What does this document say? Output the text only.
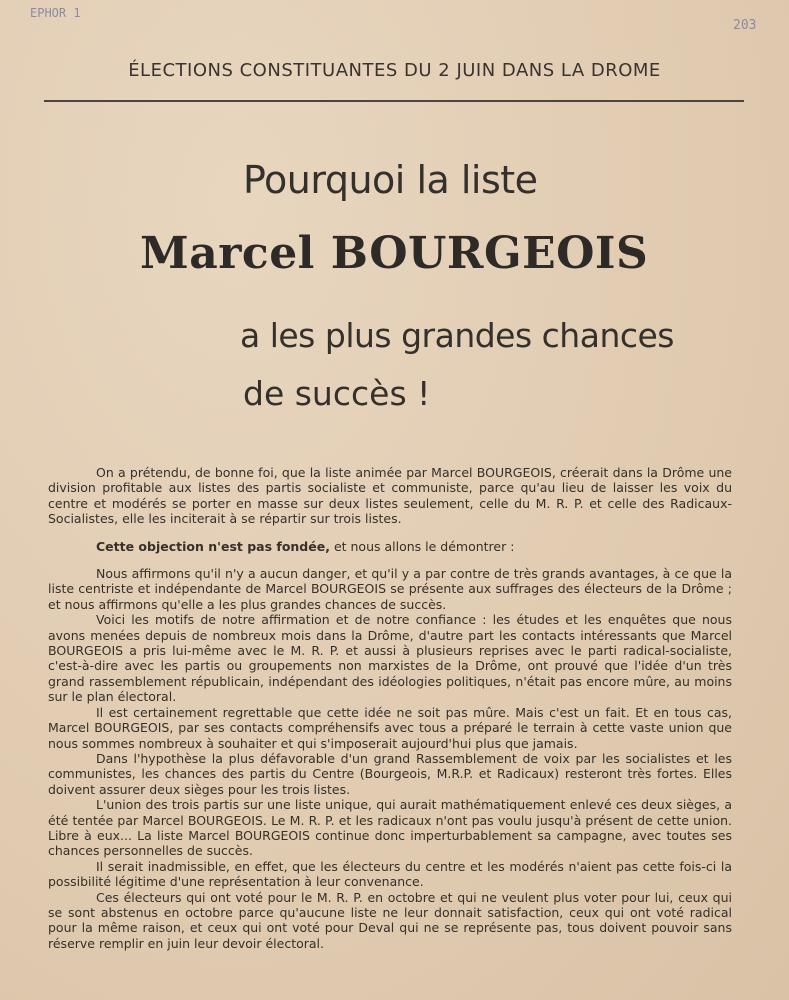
EPHOR 1
203
ÉLECTIONS CONSTITUANTES DU 2 JUIN DANS LA DROME
Pourquoi la liste
Marcel BOURGEOIS
a les plus grandes chances
de succès !

On a prétendu, de bonne foi, que la liste animée par Marcel BOURGEOIS, créerait dans la Drôme une division profitable aux listes des partis socialiste et communiste, parce qu'au lieu de laisser les voix du centre et modérés se porter en masse sur deux listes seulement, celle du M. R. P. et celle des Radicaux-Socialistes, elle les inciterait à se répartir sur trois listes.

Cette objection n'est pas fondée, et nous allons le démontrer :

Nous affirmons qu'il n'y a aucun danger, et qu'il y a par contre de très grands avantages, à ce que la liste centriste et indépendante de Marcel BOURGEOIS se présente aux suffrages des électeurs de la Drôme ; et nous affirmons qu'elle a les plus grandes chances de succès.

Voici les motifs de notre affirmation et de notre confiance : les études et les enquêtes que nous avons menées depuis de nombreux mois dans la Drôme, d'autre part les contacts intéressants que Marcel BOURGEOIS a pris lui-même avec le M. R. P. et aussi à plusieurs reprises avec le parti radical-socialiste, c'est-à-dire avec les partis ou groupements non marxistes de la Drôme, ont prouvé que l'idée d'un très grand rassemblement républicain, indépendant des idéologies politiques, n'était pas encore mûre, au moins sur le plan électoral.

Il est certainement regrettable que cette idée ne soit pas mûre. Mais c'est un fait. Et en tous cas, Marcel BOURGEOIS, par ses contacts compréhensifs avec tous a préparé le terrain à cette vaste union que nous sommes nombreux à souhaiter et qui s'imposerait aujourd'hui plus que jamais.

Dans l'hypothèse la plus défavorable d'un grand Rassemblement de voix par les socialistes et les communistes, les chances des partis du Centre (Bourgeois, M.R.P. et Radicaux) resteront très fortes. Elles doivent assurer deux sièges pour les trois listes.

L'union des trois partis sur une liste unique, qui aurait mathématiquement enlevé ces deux sièges, a été tentée par Marcel BOURGEOIS. Le M. R. P. et les radicaux n'ont pas voulu jusqu'à présent de cette union. Libre à eux... La liste Marcel BOURGEOIS continue donc imperturbablement sa campagne, avec toutes ses chances personnelles de succès.

Il serait inadmissible, en effet, que les électeurs du centre et les modérés n'aient pas cette fois-ci la possibilité légitime d'une représentation à leur convenance.

Ces électeurs qui ont voté pour le M. R. P. en octobre et qui ne veulent plus voter pour lui, ceux qui se sont abstenus en octobre parce qu'aucune liste ne leur donnait satisfaction, ceux qui ont voté radical pour la même raison, et ceux qui ont voté pour Deval qui ne se représente pas, tous doivent pouvoir sans réserve remplir en juin leur devoir électoral.
